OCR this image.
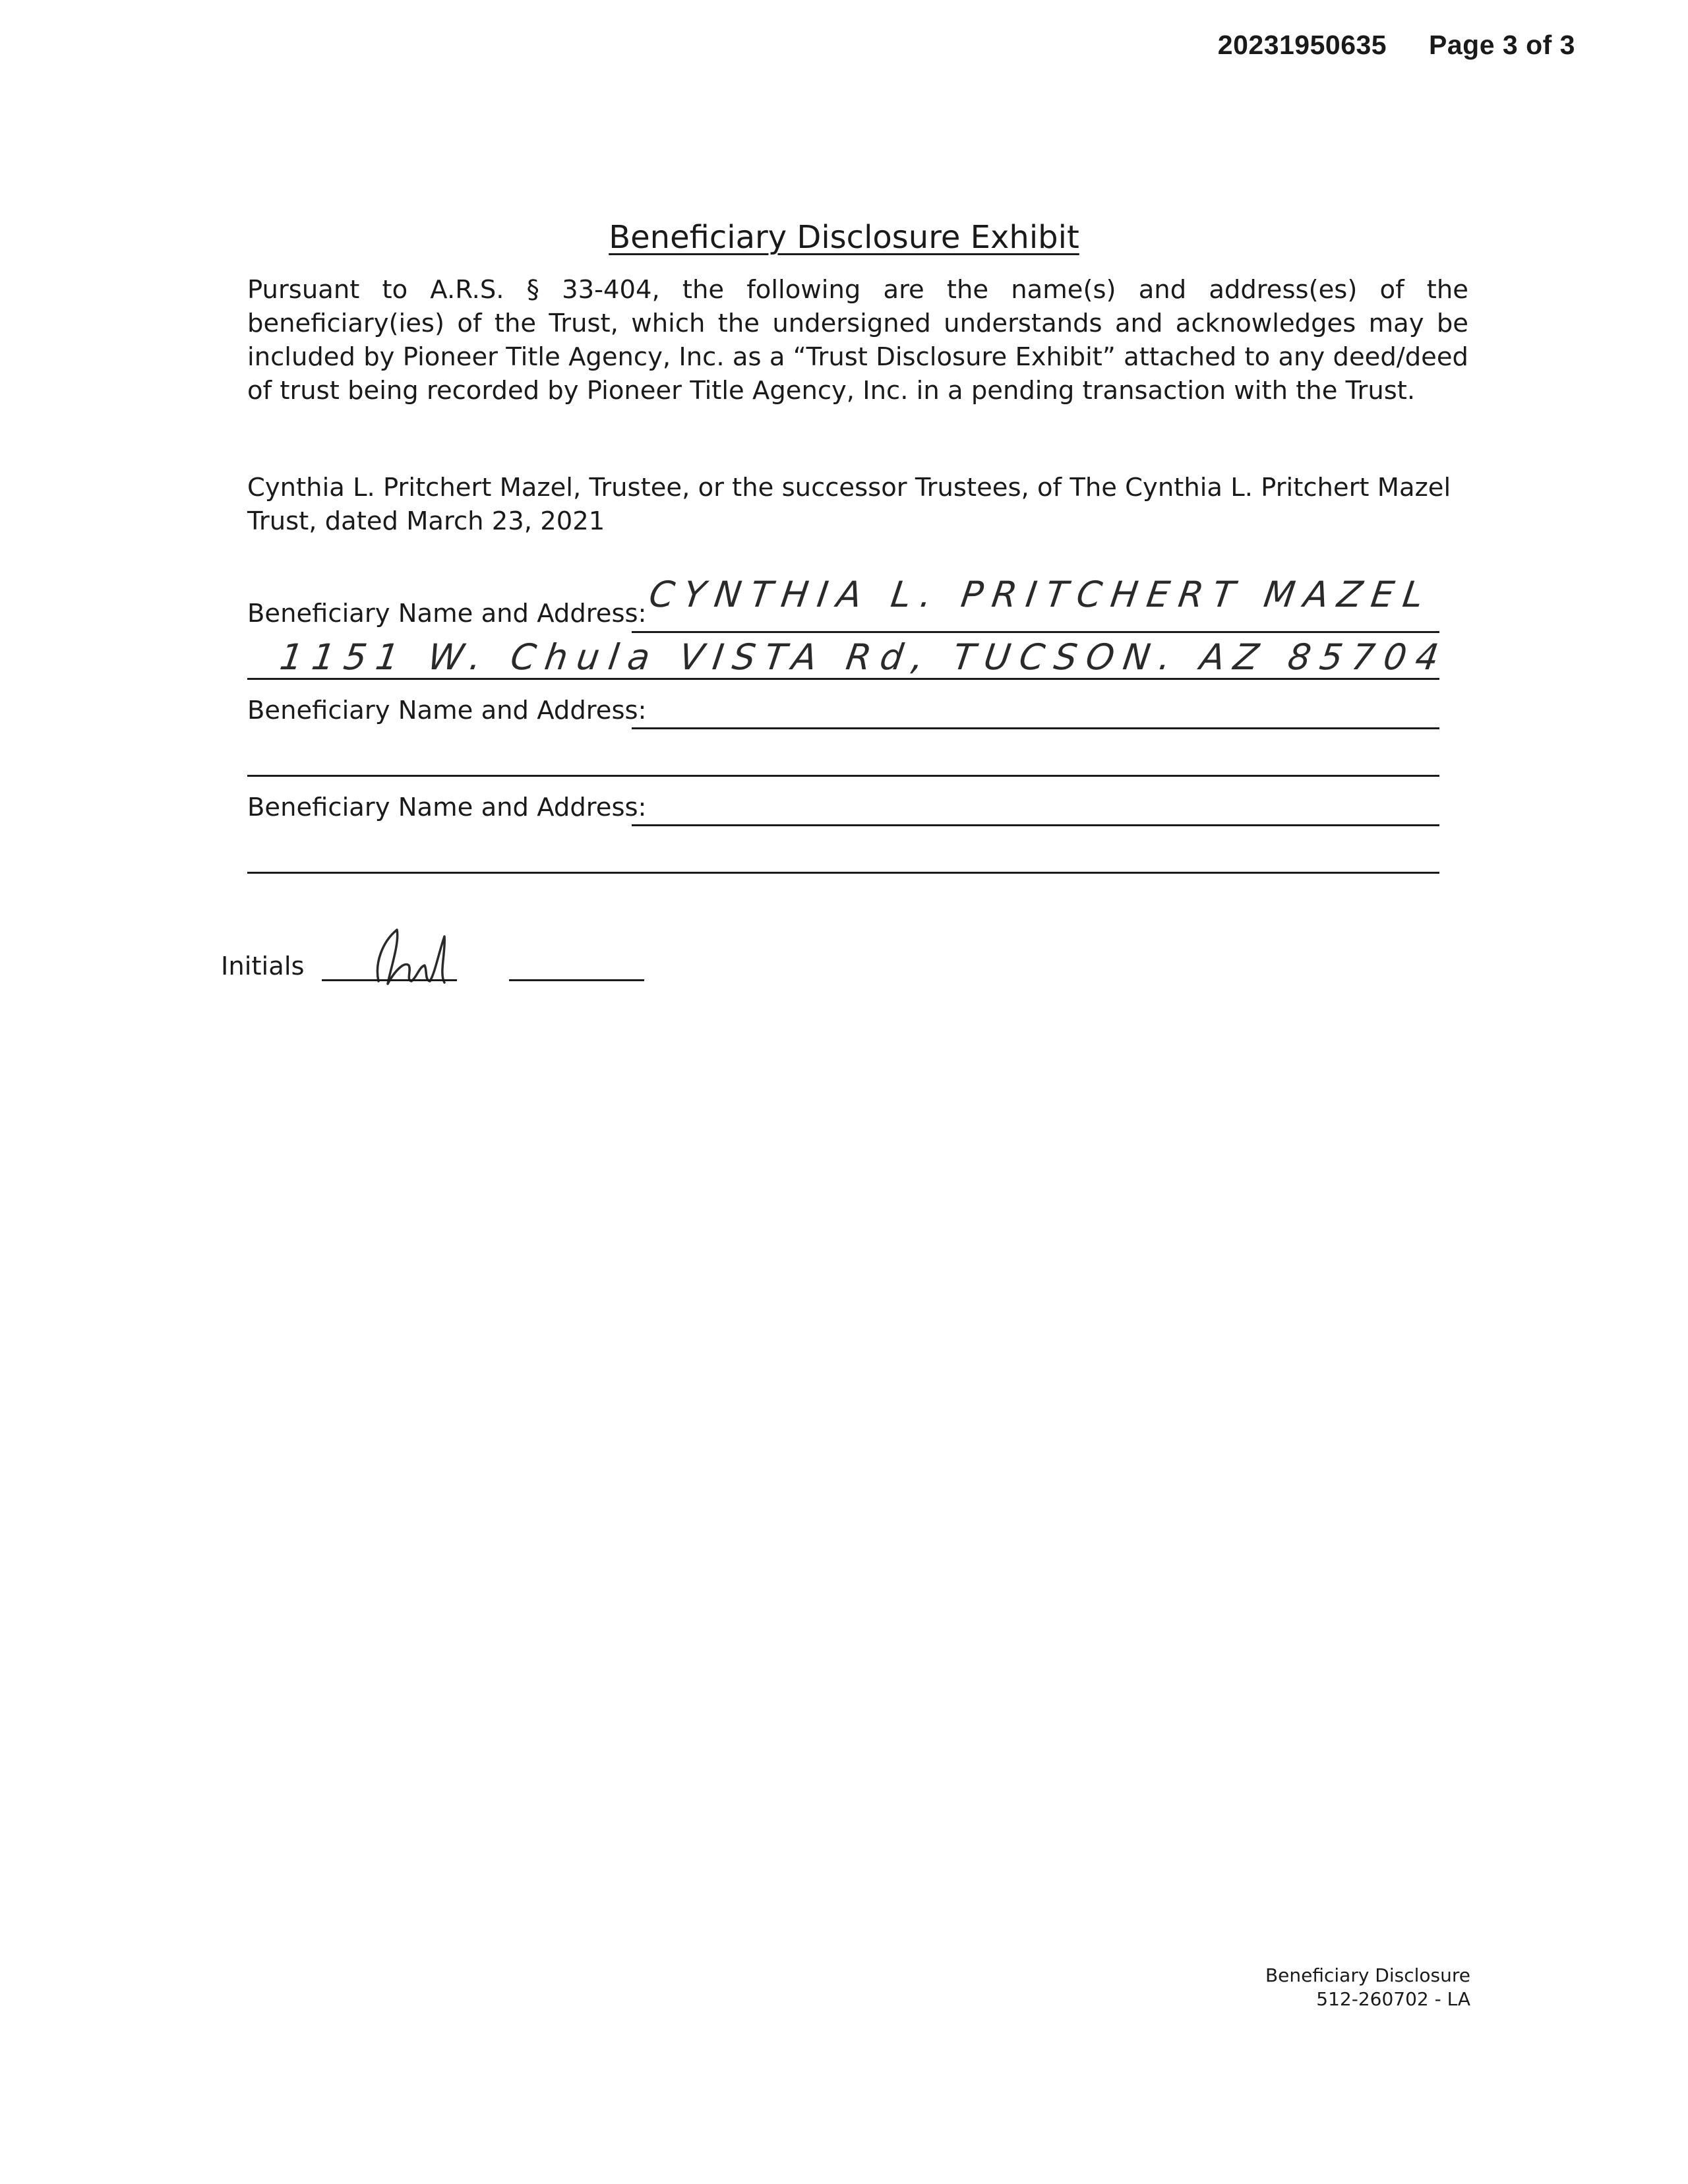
20231950635 Page 3 of 3
Beneficiary Disclosure Exhibit
Pursuant to A.R.S. § 33-404, the following are the name(s) and address(es) of the beneficiary(ies) of the Trust, which the undersigned understands and acknowledges may be included by Pioneer Title Agency, Inc. as a “Trust Disclosure Exhibit” attached to any deed/deed of trust being recorded by Pioneer Title Agency, Inc. in a pending transaction with the Trust.
Cynthia L. Pritchert Mazel, Trustee, or the successor Trustees, of The Cynthia L. Pritchert Mazel Trust, dated March 23, 2021
Beneficiary Name and Address: CYNTHIA L. PRITCHERT MAZEL
1151 W. Chula VISTA Rd, TUCSON. AZ 85704
Beneficiary Name and Address:
Beneficiary Name and Address:
Initials
Beneficiary Disclosure
512-260702 - LA
